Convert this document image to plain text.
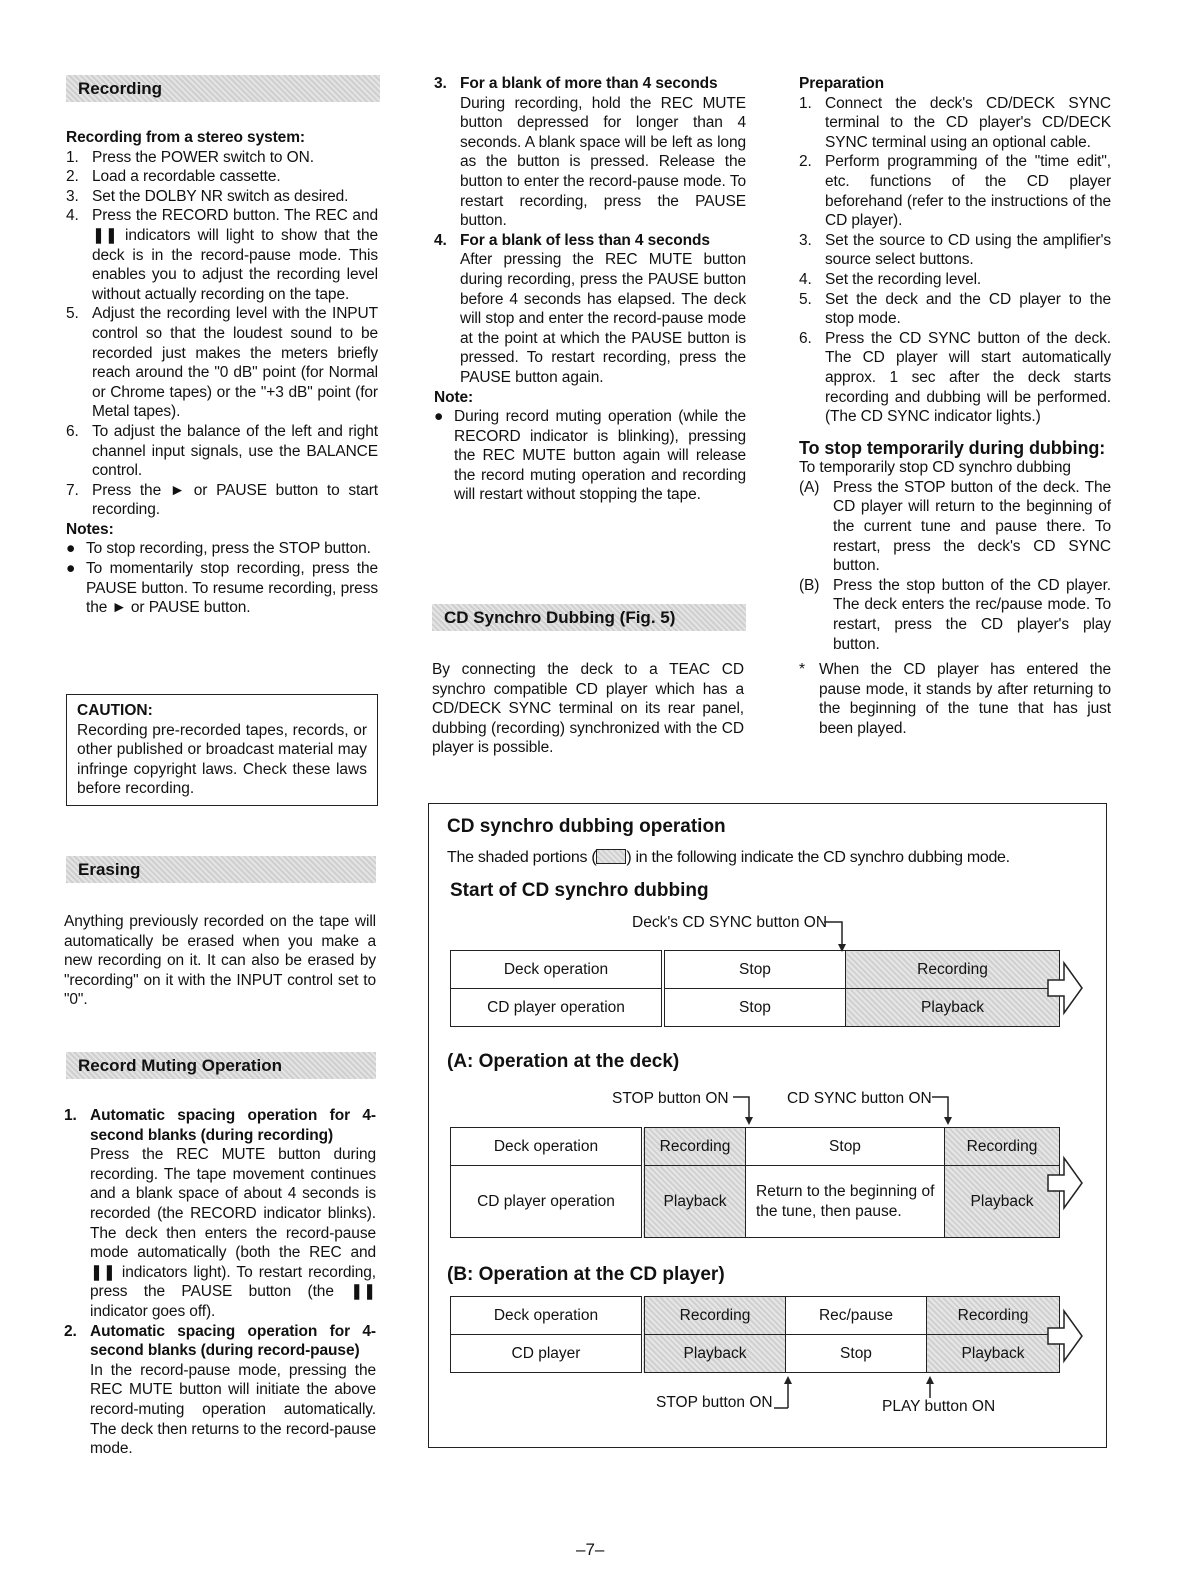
Recording
Recording from a stereo system:
1. Press the POWER switch to ON.
2. Load a recordable cassette.
3. Set the DOLBY NR switch as desired.
4. Press the RECORD button. The REC and ❚❚ indicators will light to show that the deck is in the record-pause mode. This enables you to adjust the recording level without actually recording on the tape.
5. Adjust the recording level with the INPUT control so that the loudest sound to be recorded just makes the meters briefly reach around the "0 dB" point (for Normal or Chrome tapes) or the "+3 dB" point (for Metal tapes).
6. To adjust the balance of the left and right channel input signals, use the BALANCE control.
7. Press the ► or PAUSE button to start recording.
Notes:
● To stop recording, press the STOP button.
● To momentarily stop recording, press the PAUSE button. To resume recording, press the ► or PAUSE button.
CAUTION:
Recording pre-recorded tapes, records, or other published or broadcast material may infringe copyright laws. Check these laws before recording.
Erasing
Anything previously recorded on the tape will automatically be erased when you make a new recording on it. It can also be erased by "recording" on it with the INPUT control set to "0".
Record Muting Operation
1. Automatic spacing operation for 4-second blanks (during recording)
Press the REC MUTE button during recording. The tape movement continues and a blank space of about 4 seconds is recorded (the RECORD indicator blinks). The deck then enters the record-pause mode automatically (both the REC and ❚❚ indicators light). To restart recording, press the PAUSE button (the ❚❚ indicator goes off).
2. Automatic spacing operation for 4-second blanks (during record-pause)
In the record-pause mode, pressing the REC MUTE button will initiate the above record-muting operation automatically. The deck then returns to the record-pause mode.
3. For a blank of more than 4 seconds
During recording, hold the REC MUTE button depressed for longer than 4 seconds. A blank space will be left as long as the button is pressed. Release the button to enter the record-pause mode. To restart recording, press the PAUSE button.
4. For a blank of less than 4 seconds
After pressing the REC MUTE button during recording, press the PAUSE button before 4 seconds has elapsed. The deck will stop and enter the record-pause mode at the point at which the PAUSE button is pressed. To restart recording, press the PAUSE button again.
Note:
● During record muting operation (while the RECORD indicator is blinking), pressing the REC MUTE button again will release the record muting operation and recording will restart without stopping the tape.
CD Synchro Dubbing (Fig. 5)
By connecting the deck to a TEAC CD synchro compatible CD player which has a CD/DECK SYNC terminal on its rear panel, dubbing (recording) synchronized with the CD player is possible.
Preparation
1. Connect the deck's CD/DECK SYNC terminal to the CD player's CD/DECK SYNC terminal using an optional cable.
2. Perform programming of the "time edit", etc. functions of the CD player beforehand (refer to the instructions of the CD player).
3. Set the source to CD using the amplifier's source select buttons.
4. Set the recording level.
5. Set the deck and the CD player to the stop mode.
6. Press the CD SYNC button of the deck. The CD player will start automatically approx. 1 sec after the deck starts recording and dubbing will be performed. (The CD SYNC indicator lights.)
To stop temporarily during dubbing:
To temporarily stop CD synchro dubbing
(A) Press the STOP button of the deck. The CD player will return to the beginning of the current tune and pause there. To restart, press the deck's CD SYNC button.
(B) Press the stop button of the CD player. The deck enters the rec/pause mode. To restart, press the CD player's play button.
* When the CD player has entered the pause mode, it stands by after returning to the beginning of the tune that has just been played.
CD synchro dubbing operation
The shaded portions ( ) in the following indicate the CD synchro dubbing mode.
Start of CD synchro dubbing
Deck's CD SYNC button ON
Deck operation	Stop	Recording
CD player operation	Stop	Playback
(A: Operation at the deck)
STOP button ON	CD SYNC button ON
Deck operation	Recording	Stop	Recording
CD player operation	Playback	Return to the beginning of the tune, then pause.	Playback
(B: Operation at the CD player)
Deck operation	Recording	Rec/pause	Recording
CD player	Playback	Stop	Playback
STOP button ON	PLAY button ON
–7–
